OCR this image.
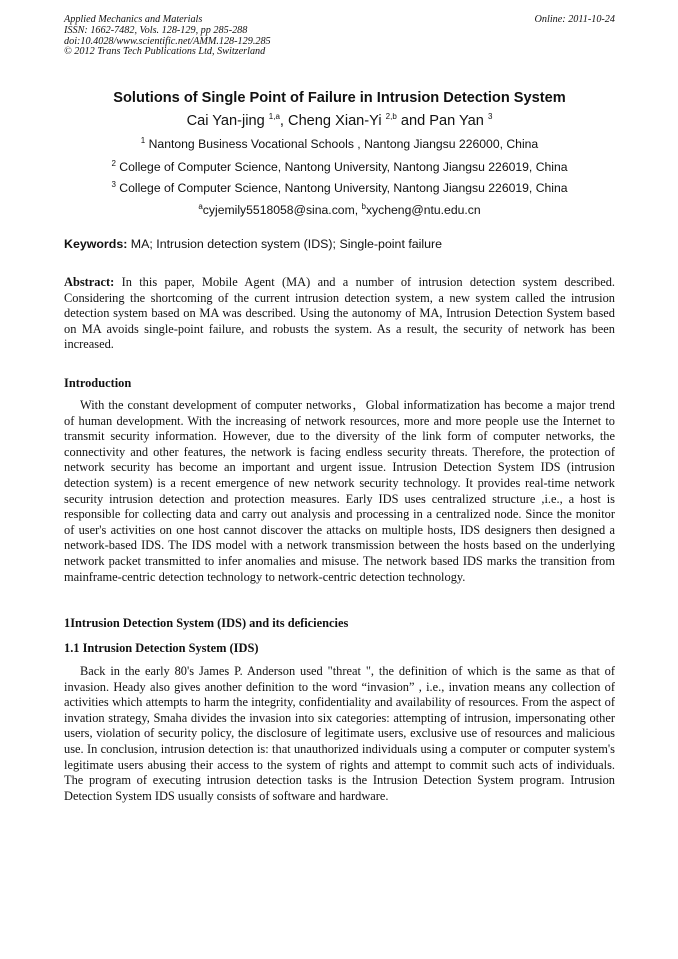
Applied Mechanics and Materials
ISSN: 1662-7482, Vols. 128-129, pp 285-288
doi:10.4028/www.scientific.net/AMM.128-129.285
© 2012 Trans Tech Publications Ltd, Switzerland
Online: 2011-10-24
Solutions of Single Point of Failure in Intrusion Detection System
Cai Yan-jing $^{1,a}$, Cheng Xian-Yi $^{2,b}$ and Pan Yan $^3$
$^1$ Nantong Business Vocational Schools , Nantong Jiangsu 226000, China
$^2$ College of Computer Science, Nantong University, Nantong Jiangsu 226019, China
$^3$ College of Computer Science, Nantong University, Nantong Jiangsu 226019, China
$^a$cyjemily5518058@sina.com, $^b$xycheng@ntu.edu.cn
Keywords: MA; Intrusion detection system (IDS); Single-point failure

Abstract: In this paper, Mobile Agent (MA) and a number of intrusion detection system described. Considering the shortcoming of the current intrusion detection system, a new system called the intrusion detection system based on MA was described. Using the autonomy of MA, Intrusion Detection System based on MA avoids single-point failure, and robusts the system. As a result, the security of network has been increased.

Introduction

With the constant development of computer networks，Global informatization has become a major trend of human development. With the increasing of network resources, more and more people use the Internet to transmit security information. However, due to the diversity of the link form of computer networks, the connectivity and other features, the network is facing endless security threats. Therefore, the protection of network security has become an important and urgent issue. Intrusion Detection System IDS (intrusion detection system) is a recent emergence of new network security technology. It provides real-time network security intrusion detection and protection measures. Early IDS uses centralized structure ,i.e., a host is responsible for collecting data and carry out analysis and processing in a centralized node. Since the monitor of user's activities on one host cannot discover the attacks on multiple hosts, IDS designers then designed a network-based IDS. The IDS model with a network transmission between the hosts based on the underlying network packet transmitted to infer anomalies and misuse. The network based IDS marks the transition from mainframe-centric detection technology to network-centric detection technology.

1Intrusion Detection System (IDS) and its deficiencies
1.1 Intrusion Detection System (IDS)

Back in the early 80's James P. Anderson used "threat ", the definition of which is the same as that of invasion. Heady also gives another definition to the word “invasion” , i.e., invation means any collection of activities which attempts to harm the integrity, confidentiality and availability of resources. From the aspect of invation strategy, Smaha divides the invasion into six categories: attempting of intrusion, impersonating other users, violation of security policy, the disclosure of legitimate users, exclusive use of resources and malicious use. In conclusion, intrusion detection is: that unauthorized individuals using a computer or computer system's legitimate users abusing their access to the system of rights and attempt to commit such acts of individuals. The program of executing intrusion detection tasks is the Intrusion Detection System program. Intrusion Detection System IDS usually consists of software and hardware.
